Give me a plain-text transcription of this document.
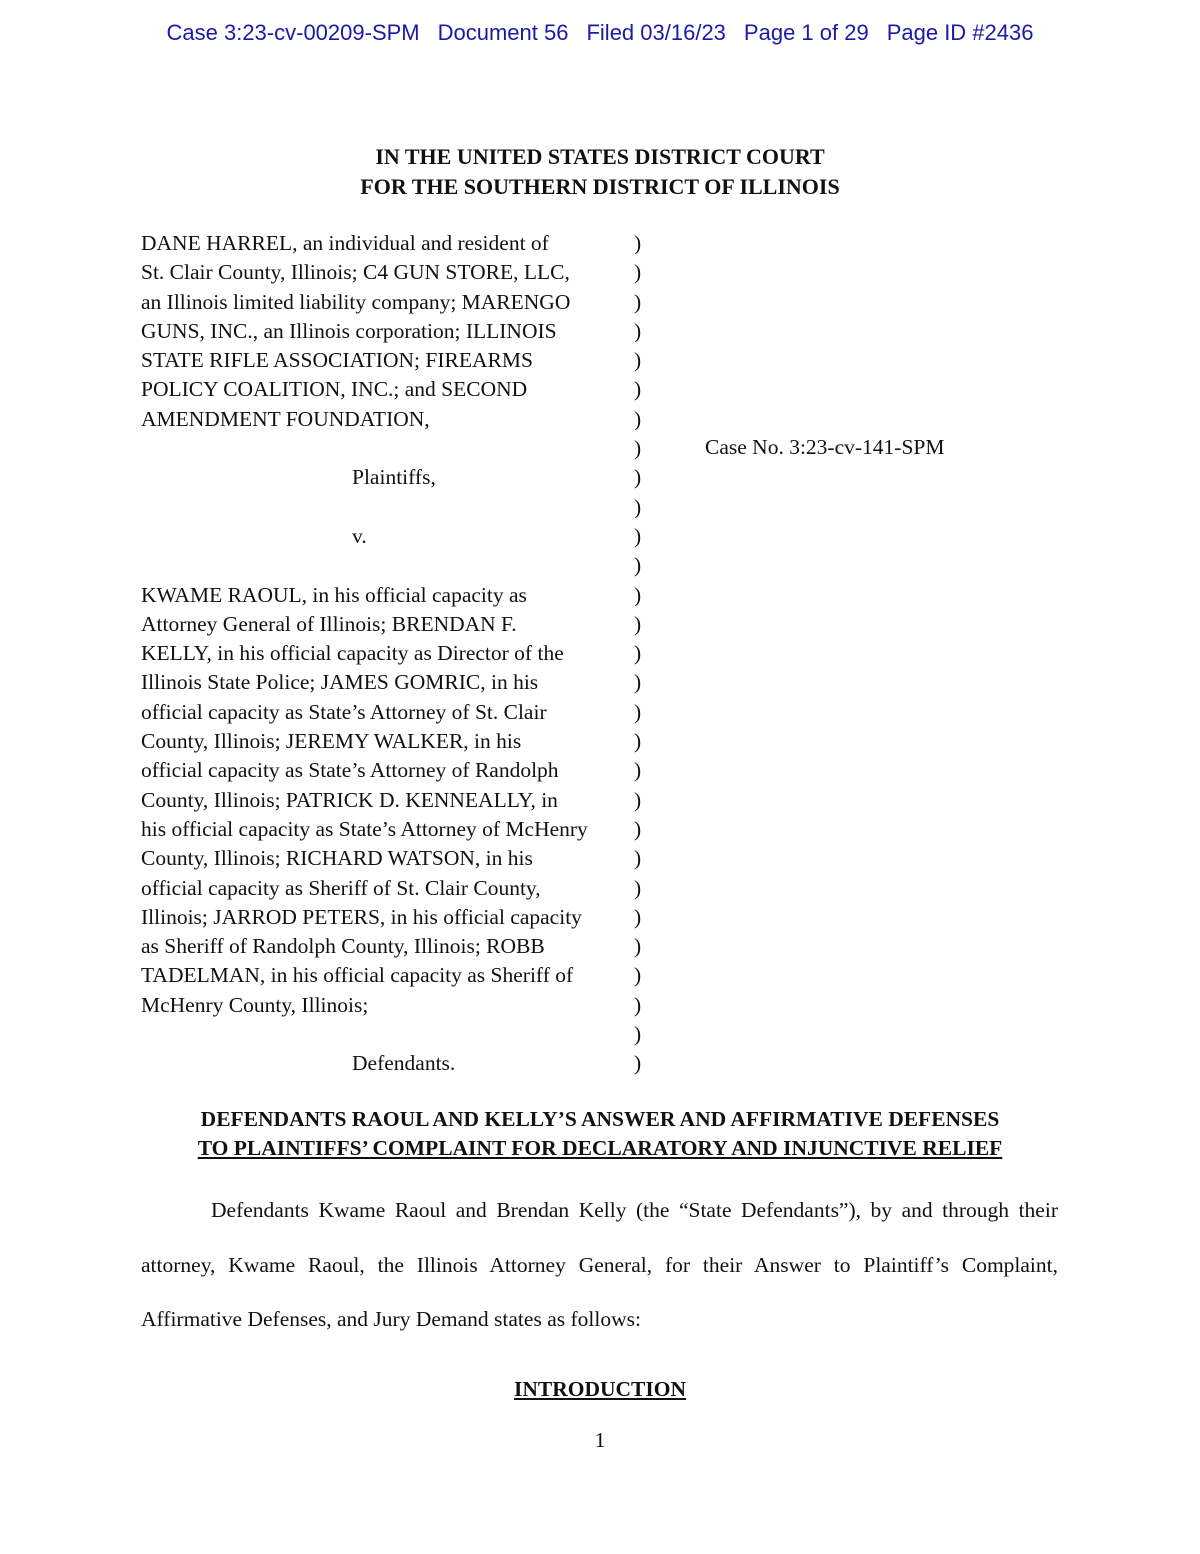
Case 3:23-cv-00209-SPM Document 56 Filed 03/16/23 Page 1 of 29 Page ID #2436
IN THE UNITED STATES DISTRICT COURT
FOR THE SOUTHERN DISTRICT OF ILLINOIS
DANE HARREL, an individual and resident of
St. Clair County, Illinois; C4 GUN STORE, LLC,
an Illinois limited liability company; MARENGO
GUNS, INC., an Illinois corporation; ILLINOIS
STATE RIFLE ASSOCIATION; FIREARMS
POLICY COALITION, INC.; and SECOND
AMENDMENT FOUNDATION,
Plaintiffs,
v.
KWAME RAOUL, in his official capacity as
Attorney General of Illinois; BRENDAN F.
KELLY, in his official capacity as Director of the
Illinois State Police; JAMES GOMRIC, in his
official capacity as State’s Attorney of St. Clair
County, Illinois; JEREMY WALKER, in his
official capacity as State’s Attorney of Randolph
County, Illinois; PATRICK D. KENNEALLY, in
his official capacity as State’s Attorney of McHenry
County, Illinois; RICHARD WATSON, in his
official capacity as Sheriff of St. Clair County,
Illinois; JARROD PETERS, in his official capacity
as Sheriff of Randolph County, Illinois; ROBB
TADELMAN, in his official capacity as Sheriff of
McHenry County, Illinois;
Defendants.
)
)
)
)
)
)
)
)
)
)
)
)
)
)
)
)
)
)
)
)
)
)
)
)
)
)
)
)
)
Case No. 3:23-cv-141-SPM
DEFENDANTS RAOUL AND KELLY’S ANSWER AND AFFIRMATIVE DEFENSES
TO PLAINTIFFS’ COMPLAINT FOR DECLARATORY AND INJUNCTIVE RELIEF
Defendants Kwame Raoul and Brendan Kelly (the “State Defendants”), by and through their attorney, Kwame Raoul, the Illinois Attorney General, for their Answer to Plaintiff’s Complaint, Affirmative Defenses, and Jury Demand states as follows:
INTRODUCTION
1
